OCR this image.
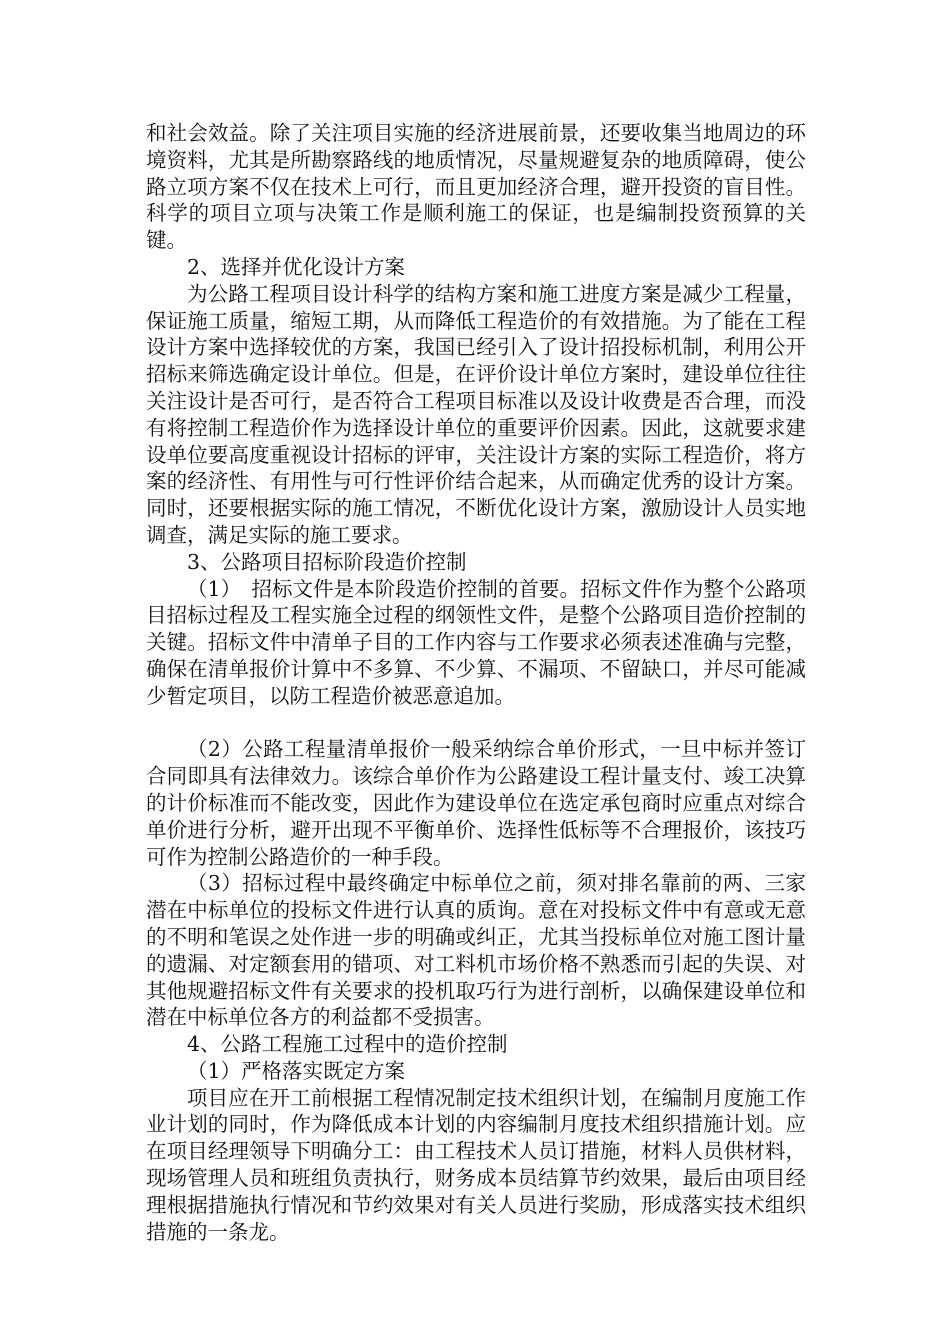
和社会效益。除了关注项目实施的经济进展前景，还要收集当地周边的环境资料，尤其是所勘察路线的地质情况，尽量规避复杂的地质障碍，使公路立项方案不仅在技术上可行，而且更加经济合理，避开投资的盲目性。科学的项目立项与决策工作是顺利施工的保证，也是编制投资预算的关键。

2、选择并优化设计方案

为公路工程项目设计科学的结构方案和施工进度方案是减少工程量，保证施工质量，缩短工期，从而降低工程造价的有效措施。为了能在工程设计方案中选择较优的方案，我国已经引入了设计招投标机制，利用公开招标来筛选确定设计单位。但是，在评价设计单位方案时，建设单位往往关注设计是否可行，是否符合工程项目标准以及设计收费是否合理，而没有将控制工程造价作为选择设计单位的重要评价因素。因此，这就要求建设单位要高度重视设计招标的评审，关注设计方案的实际工程造价，将方案的经济性、有用性与可行性评价结合起来，从而确定优秀的设计方案。同时，还要根据实际的施工情况，不断优化设计方案，激励设计人员实地调查，满足实际的施工要求。

3、公路项目招标阶段造价控制

（1）　招标文件是本阶段造价控制的首要。招标文件作为整个公路项目招标过程及工程实施全过程的纲领性文件，是整个公路项目造价控制的关键。招标文件中清单子目的工作内容与工作要求必须表述准确与完整，确保在清单报价计算中不多算、不少算、不漏项、不留缺口，并尽可能减少暂定项目，以防工程造价被恶意追加。

（2）公路工程量清单报价一般采纳综合单价形式，一旦中标并签订合同即具有法律效力。该综合单价作为公路建设工程计量支付、竣工决算的计价标准而不能改变，因此作为建设单位在选定承包商时应重点对综合单价进行分析，避开出现不平衡单价、选择性低标等不合理报价，该技巧可作为控制公路造价的一种手段。

（3）招标过程中最终确定中标单位之前，须对排名靠前的两、三家潜在中标单位的投标文件进行认真的质询。意在对投标文件中有意或无意的不明和笔误之处作进一步的明确或纠正，尤其当投标单位对施工图计量的遗漏、对定额套用的错项、对工料机市场价格不熟悉而引起的失误、对其他规避招标文件有关要求的投机取巧行为进行剖析，以确保建设单位和潜在中标单位各方的利益都不受损害。

4、公路工程施工过程中的造价控制

（1）严格落实既定方案

项目应在开工前根据工程情况制定技术组织计划，在编制月度施工作业计划的同时，作为降低成本计划的内容编制月度技术组织措施计划。应在项目经理领导下明确分工：由工程技术人员订措施，材料人员供材料，现场管理人员和班组负责执行，财务成本员结算节约效果，最后由项目经理根据措施执行情况和节约效果对有关人员进行奖励，形成落实技术组织措施的一条龙。
